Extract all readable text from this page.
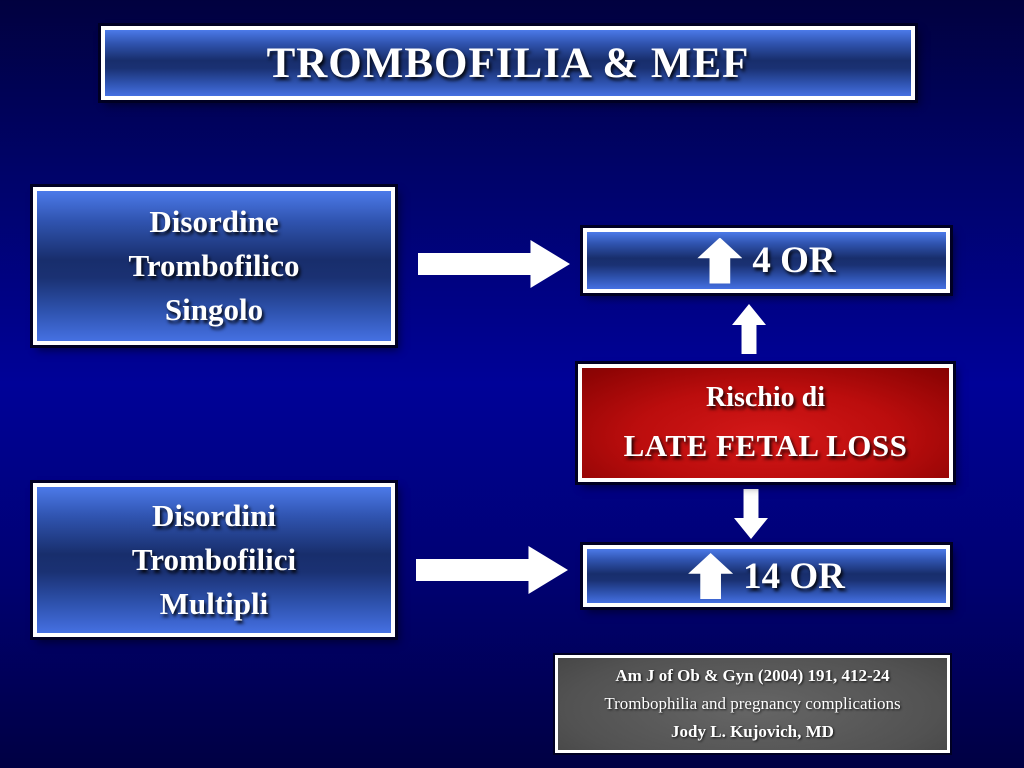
TROMBOFILIA & MEF
Disordine
Trombofilico
Singolo
Disordini
Trombofilici
Multipli
4 OR
Rischio di
LATE FETAL LOSS
14 OR
Am J of Ob & Gyn (2004) 191, 412-24
Trombophilia and pregnancy complications
Jody L. Kujovich, MD
